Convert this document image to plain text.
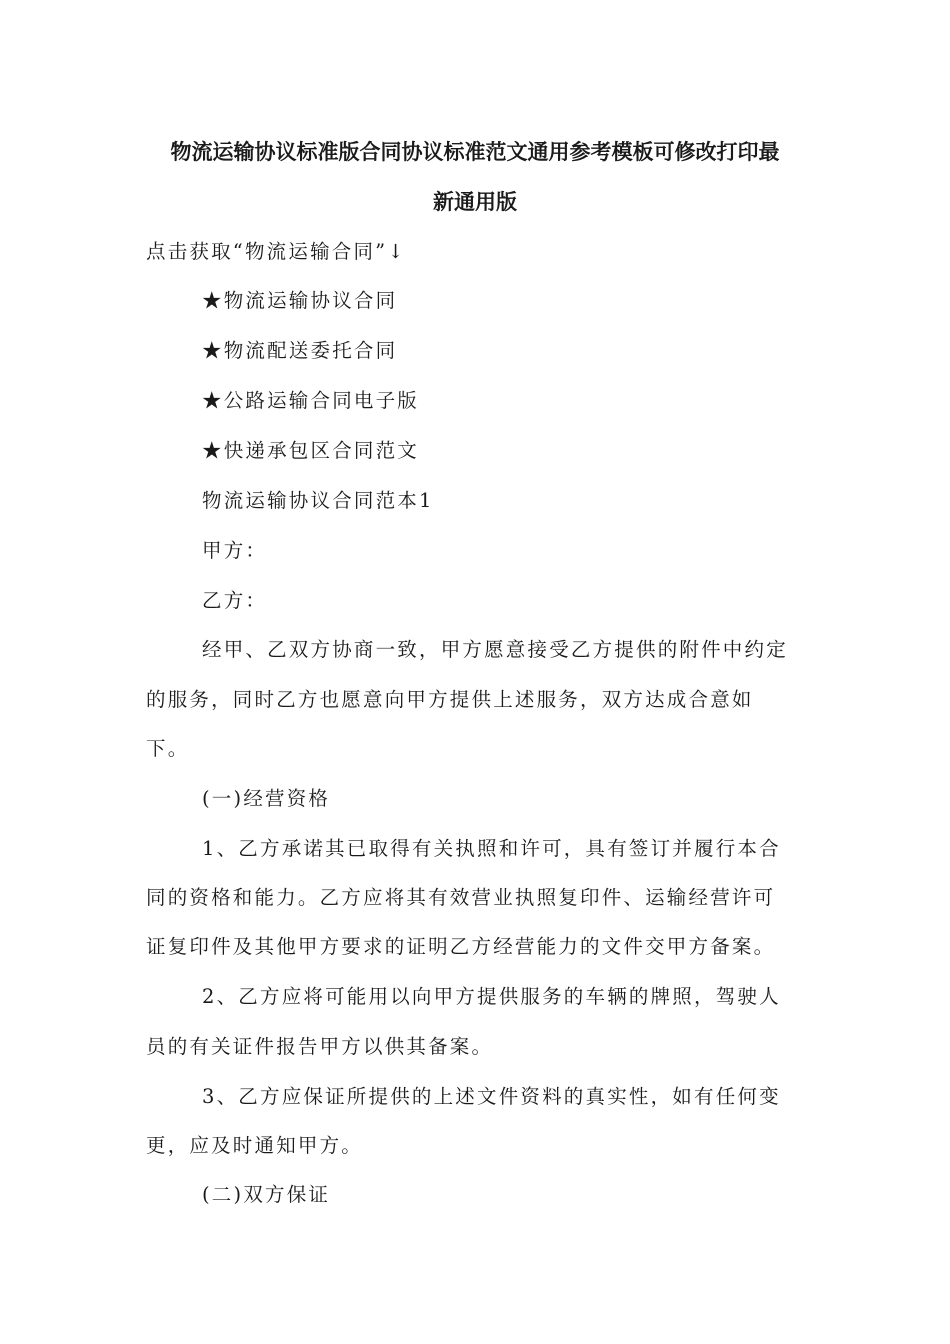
物流运输协议标准版合同协议标准范文通用参考模板可修改打印最
新通用版
点击获取“物流运输合同”↓
★物流运输协议合同
★物流配送委托合同
★公路运输合同电子版
★快递承包区合同范文
物流运输协议合同范本1
甲方：
乙方：
经甲、乙双方协商一致，甲方愿意接受乙方提供的附件中约定
的服务，同时乙方也愿意向甲方提供上述服务，双方达成合意如
下。
(一)经营资格
1、乙方承诺其已取得有关执照和许可，具有签订并履行本合
同的资格和能力。乙方应将其有效营业执照复印件、运输经营许可
证复印件及其他甲方要求的证明乙方经营能力的文件交甲方备案。
2、乙方应将可能用以向甲方提供服务的车辆的牌照，驾驶人
员的有关证件报告甲方以供其备案。
3、乙方应保证所提供的上述文件资料的真实性，如有任何变
更，应及时通知甲方。
(二)双方保证
